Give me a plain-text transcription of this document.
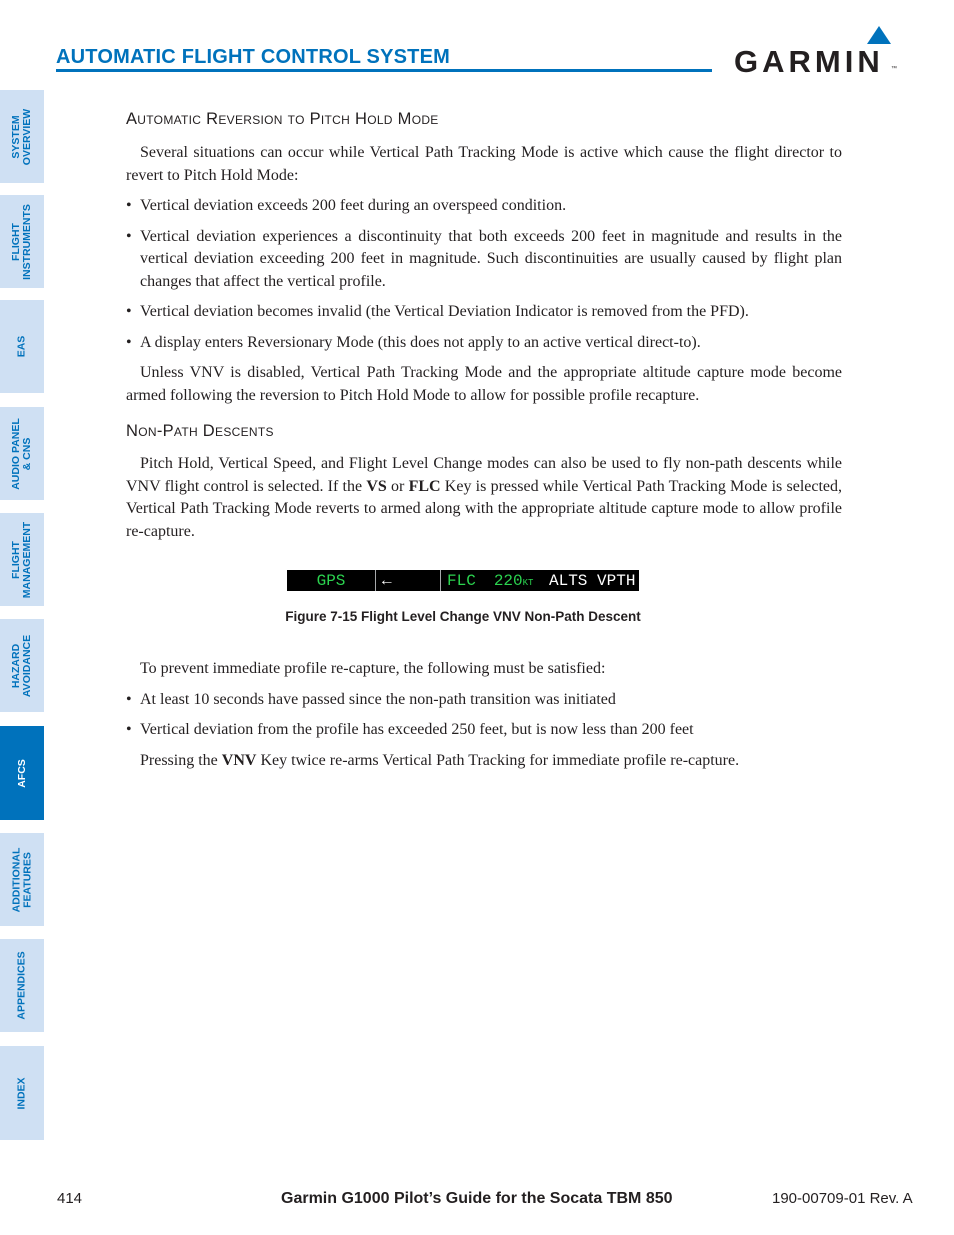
AUTOMATIC FLIGHT CONTROL SYSTEM	GARMIN ™
SYSTEM
OVERVIEW
FLIGHT
INSTRUMENTS
EAS
AUDIO PANEL
& CNS
FLIGHT
MANAGEMENT
HAZARD
AVOIDANCE
AFCS
ADDITIONAL
FEATURES
APPENDICES
INDEX
Automatic Reversion to Pitch Hold Mode

Several situations can occur while Vertical Path Tracking Mode is active which cause the flight director to revert to Pitch Hold Mode:

• Vertical deviation exceeds 200 feet during an overspeed condition.
• Vertical deviation experiences a discontinuity that both exceeds 200 feet in magnitude and results in the vertical deviation exceeding 200 feet in magnitude. Such discontinuities are usually caused by flight plan changes that affect the vertical profile.
• Vertical deviation becomes invalid (the Vertical Deviation Indicator is removed from the PFD).
• A display enters Reversionary Mode (this does not apply to an active vertical direct-to).

Unless VNV is disabled, Vertical Path Tracking Mode and the appropriate altitude capture mode become armed following the reversion to Pitch Hold Mode to allow for possible profile recapture.

Non-Path Descents

Pitch Hold, Vertical Speed, and Flight Level Change modes can also be used to fly non-path descents while VNV flight control is selected. If the VS or FLC Key is pressed while Vertical Path Tracking Mode is selected, Vertical Path Tracking Mode reverts to armed along with the appropriate altitude capture mode to allow profile re-capture.

GPS	←	FLC 220 KT ALTS VPTH
Figure 7-15 Flight Level Change VNV Non-Path Descent

To prevent immediate profile re-capture, the following must be satisfied:

• At least 10 seconds have passed since the non-path transition was initiated
• Vertical deviation from the profile has exceeded 250 feet, but is now less than 200 feet

Pressing the VNV Key twice re-arms Vertical Path Tracking for immediate profile re-capture.

414	Garmin G1000 Pilot’s Guide for the Socata TBM 850	190-00709-01 Rev. A
